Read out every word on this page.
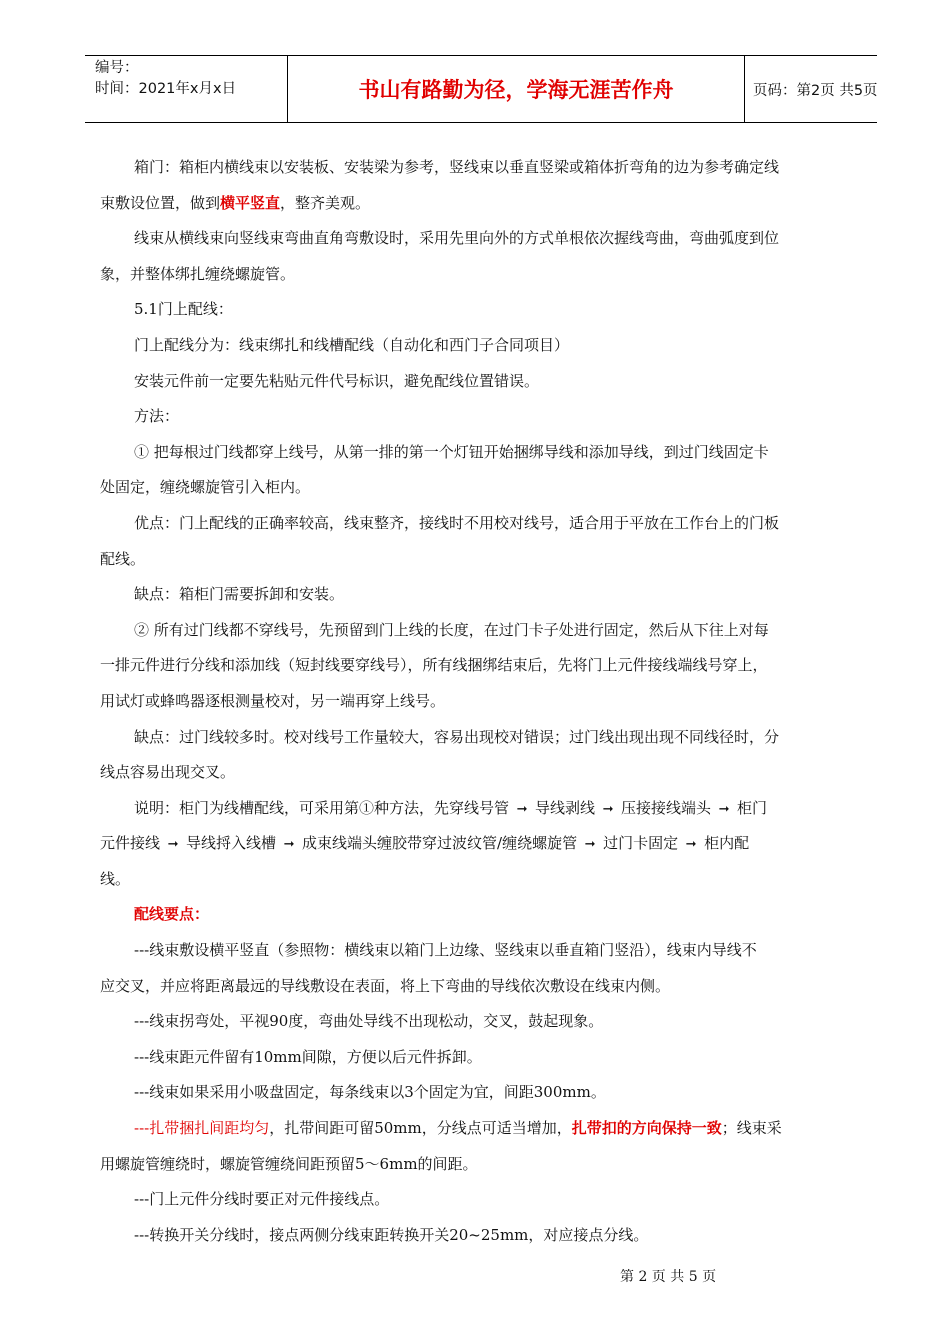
编号：
时间：2021年x月x日	书山有路勤为径，学海无涯苦作舟	页码：第2页 共5页
箱门：箱柜内横线束以安装板、安装梁为参考，竖线束以垂直竖梁或箱体折弯角的边为参考确定线
束敷设位置，做到横平竖直，整齐美观。
线束从横线束向竖线束弯曲直角弯敷设时，采用先里向外的方式单根依次握线弯曲，弯曲弧度到位
象，并整体绑扎缠绕螺旋管。
5.1门上配线：
门上配线分为：线束绑扎和线槽配线（自动化和西门子合同项目）
安装元件前一定要先粘贴元件代号标识，避免配线位置错误。
方法：
① 把每根过门线都穿上线号，从第一排的第一个灯钮开始捆绑导线和添加导线，到过门线固定卡
处固定，缠绕螺旋管引入柜内。
优点：门上配线的正确率较高，线束整齐，接线时不用校对线号，适合用于平放在工作台上的门板
配线。
缺点：箱柜门需要拆卸和安装。
② 所有过门线都不穿线号，先预留到门上线的长度，在过门卡子处进行固定，然后从下往上对每
一排元件进行分线和添加线（短封线要穿线号），所有线捆绑结束后，先将门上元件接线端线号穿上，
用试灯或蜂鸣器逐根测量校对，另一端再穿上线号。
缺点：过门线较多时。校对线号工作量较大，容易出现校对错误；过门线出现出现不同线径时，分
线点容易出现交叉。
说明：柜门为线槽配线，可采用第①种方法，先穿线号管 ➞ 导线剥线 ➞ 压接接线端头 ➞ 柜门
元件接线 ➞ 导线捋入线槽 ➞ 成束线端头缠胶带穿过波纹管/缠绕螺旋管 ➞ 过门卡固定 ➞ 柜内配
线。
配线要点：
---线束敷设横平竖直（参照物：横线束以箱门上边缘、竖线束以垂直箱门竖沿），线束内导线不
应交叉，并应将距离最远的导线敷设在表面，将上下弯曲的导线依次敷设在线束内侧。
---线束拐弯处，平视90度，弯曲处导线不出现松动，交叉，鼓起现象。
---线束距元件留有10mm间隙，方便以后元件拆卸。
---线束如果采用小吸盘固定，每条线束以3个固定为宜，间距300mm。
---扎带捆扎间距均匀，扎带间距可留50mm，分线点可适当增加，扎带扣的方向保持一致；线束采
用螺旋管缠绕时，螺旋管缠绕间距预留5～6mm的间距。
---门上元件分线时要正对元件接线点。
---转换开关分线时，接点两侧分线束距转换开关20~25mm，对应接点分线。
第 2 页 共 5 页
